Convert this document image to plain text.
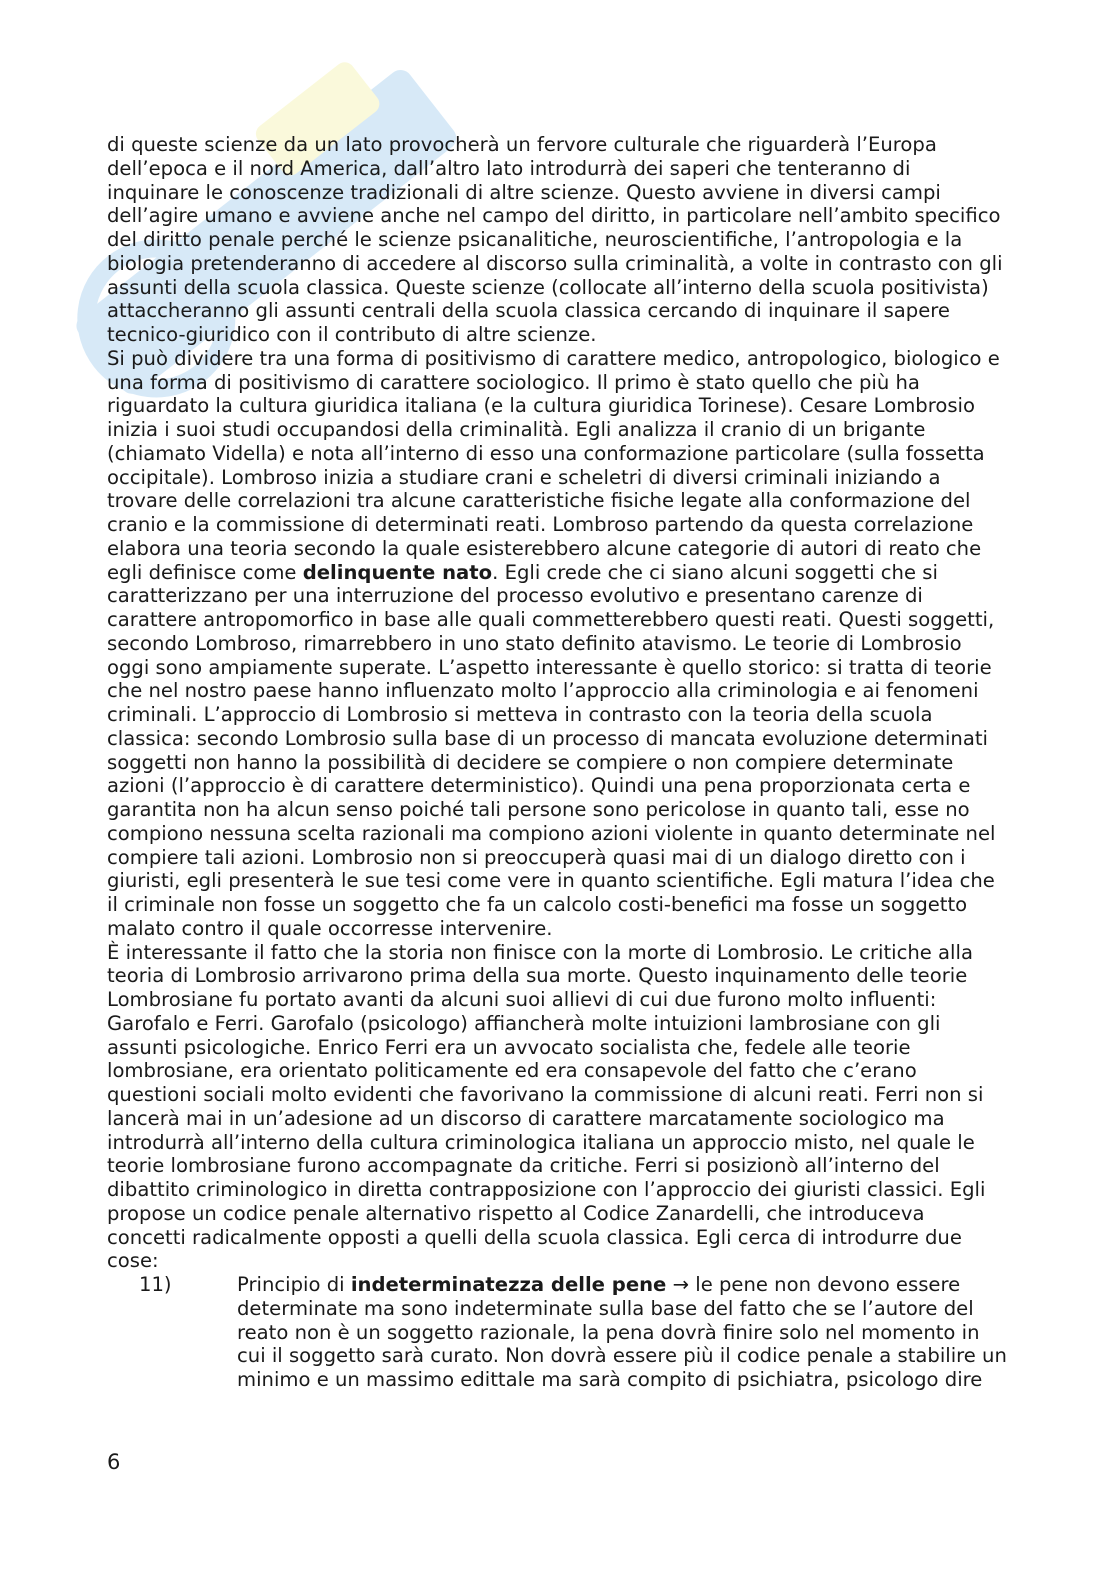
di queste scienze da un lato provocherà un fervore culturale che riguarderà l’Europa dell’epoca e il nord America, dall’altro lato introdurrà dei saperi che tenteranno di inquinare le conoscenze tradizionali di altre scienze. Questo avviene in diversi campi dell’agire umano e avviene anche nel campo del diritto, in particolare nell’ambito specifico del diritto penale perché le scienze psicanalitiche, neuroscientifiche, l’antropologia e la biologia pretenderanno di accedere al discorso sulla criminalità, a volte in contrasto con gli assunti della scuola classica. Queste scienze (collocate all’interno della scuola positivista) attaccheranno gli assunti centrali della scuola classica cercando di inquinare il sapere tecnico-giuridico con il contributo di altre scienze.

Si può dividere tra una forma di positivismo di carattere medico, antropologico, biologico e una forma di positivismo di carattere sociologico. Il primo è stato quello che più ha riguardato la cultura giuridica italiana (e la cultura giuridica Torinese). Cesare Lombrosio inizia i suoi studi occupandosi della criminalità. Egli analizza il cranio di un brigante (chiamato Vidella) e nota all’interno di esso una conformazione particolare (sulla fossetta occipitale). Lombroso inizia a studiare crani e scheletri di diversi criminali iniziando a trovare delle correlazioni tra alcune caratteristiche fisiche legate alla conformazione del cranio e la commissione di determinati reati. Lombroso partendo da questa correlazione elabora una teoria secondo la quale esisterebbero alcune categorie di autori di reato che egli definisce come delinquente nato. Egli crede che ci siano alcuni soggetti che si caratterizzano per una interruzione del processo evolutivo e presentano carenze di carattere antropomorfico in base alle quali commetterebbero questi reati. Questi soggetti, secondo Lombroso, rimarrebbero in uno stato definito atavismo. Le teorie di Lombrosio oggi sono ampiamente superate. L’aspetto interessante è quello storico: si tratta di teorie che nel nostro paese hanno influenzato molto l’approccio alla criminologia e ai fenomeni criminali. L’approccio di Lombrosio si metteva in contrasto con la teoria della scuola classica: secondo Lombrosio sulla base di un processo di mancata evoluzione determinati soggetti non hanno la possibilità di decidere se compiere o non compiere determinate azioni (l’approccio è di carattere deterministico). Quindi una pena proporzionata certa e garantita non ha alcun senso poiché tali persone sono pericolose in quanto tali, esse no compiono nessuna scelta razionali ma compiono azioni violente in quanto determinate nel compiere tali azioni. Lombrosio non si preoccuperà quasi mai di un dialogo diretto con i giuristi, egli presenterà le sue tesi come vere in quanto scientifiche. Egli matura l’idea che il criminale non fosse un soggetto che fa un calcolo costi-benefici ma fosse un soggetto malato contro il quale occorresse intervenire.

È interessante il fatto che la storia non finisce con la morte di Lombrosio. Le critiche alla teoria di Lombrosio arrivarono prima della sua morte. Questo inquinamento delle teorie Lombrosiane fu portato avanti da alcuni suoi allievi di cui due furono molto influenti: Garofalo e Ferri. Garofalo (psicologo) affiancherà molte intuizioni lambrosiane con gli assunti psicologiche. Enrico Ferri era un avvocato socialista che, fedele alle teorie lombrosiane, era orientato politicamente ed era consapevole del fatto che c’erano questioni sociali molto evidenti che favorivano la commissione di alcuni reati. Ferri non si lancerà mai in un’adesione ad un discorso di carattere marcatamente sociologico ma introdurrà all’interno della cultura criminologica italiana un approccio misto, nel quale le teorie lombrosiane furono accompagnate da critiche. Ferri si posizionò all’interno del dibattito criminologico in diretta contrapposizione con l’approccio dei giuristi classici. Egli propose un codice penale alternativo rispetto al Codice Zanardelli, che introduceva concetti radicalmente opposti a quelli della scuola classica. Egli cerca di introdurre due cose:

11)	Principio di indeterminatezza delle pene → le pene non devono essere determinate ma sono indeterminate sulla base del fatto che se l’autore del reato non è un soggetto razionale, la pena dovrà finire solo nel momento in cui il soggetto sarà curato. Non dovrà essere più il codice penale a stabilire un minimo e un massimo edittale ma sarà compito di psichiatra, psicologo dire

6
